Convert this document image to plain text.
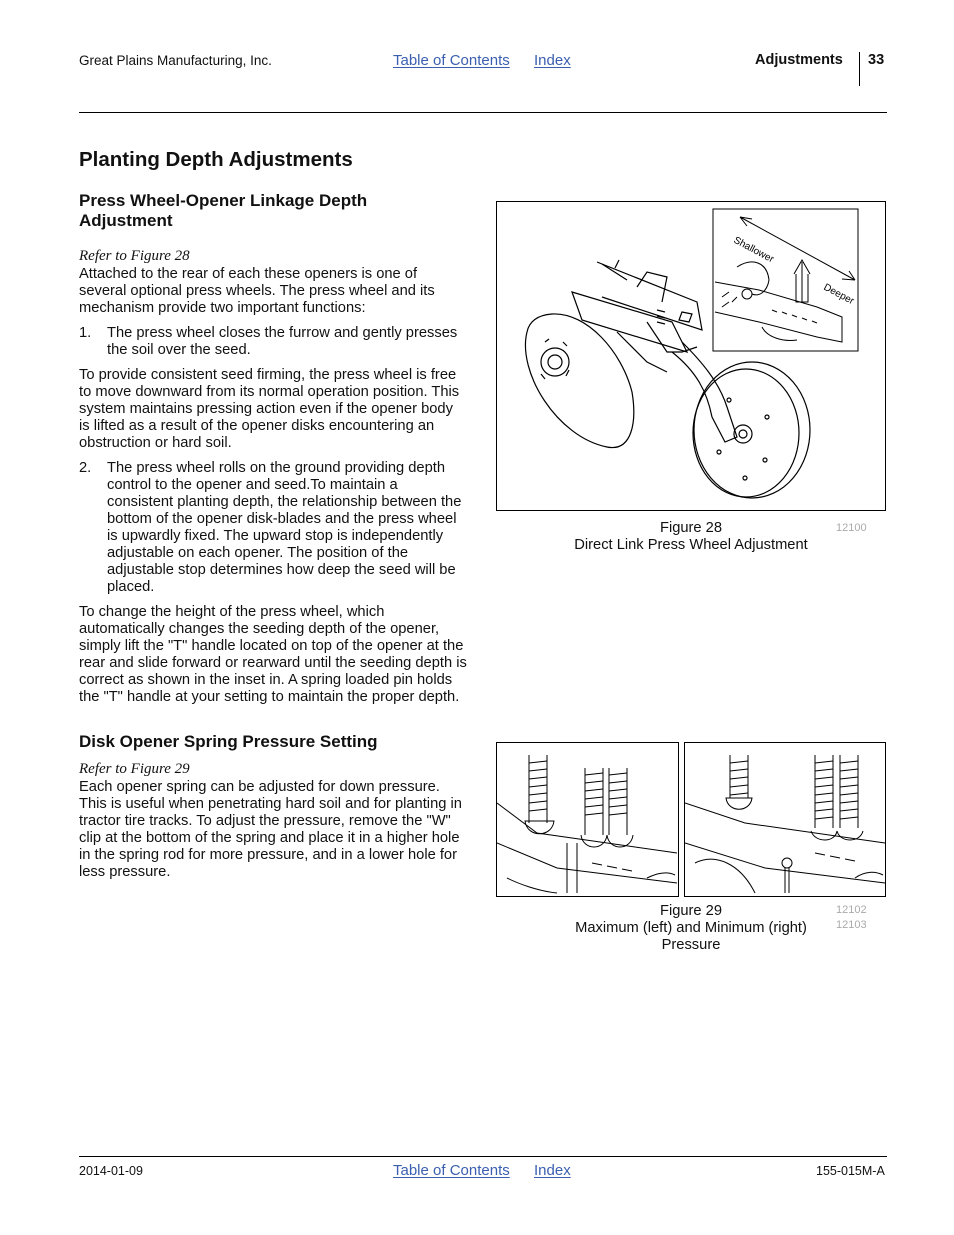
Great Plains Manufacturing, Inc.	Table of Contents Index	Adjustments 33
Planting Depth Adjustments
Press Wheel-Opener Linkage Depth Adjustment
Refer to Figure 28
Attached to the rear of each these openers is one of several optional press wheels. The press wheel and its mechanism provide two important functions:
1.	The press wheel closes the furrow and gently presses the soil over the seed.
To provide consistent seed firming, the press wheel is free to move downward from its normal operation position. This system maintains pressing action even if the opener body is lifted as a result of the opener disks encountering an obstruction or hard soil.
2.	The press wheel rolls on the ground providing depth control to the opener and seed.To maintain a consistent planting depth, the relationship between the bottom of the opener disk-blades and the press wheel is upwardly fixed. The upward stop is independently adjustable on each opener. The position of the adjustable stop determines how deep the seed will be placed.
To change the height of the press wheel, which automatically changes the seeding depth of the opener, simply lift the "T" handle located on top of the opener at the rear and slide forward or rearward until the seeding depth is correct as shown in the inset in. A spring loaded pin holds the "T" handle at your setting to maintain the proper depth.
Disk Opener Spring Pressure Setting
Refer to Figure 29
Each opener spring can be adjusted for down pressure. This is useful when penetrating hard soil and for planting in tractor tire tracks. To adjust the pressure, remove the "W" clip at the bottom of the spring and place it in a higher hole in the spring rod for more pressure, and in a lower hole for less pressure.
Shallower
Deeper
Figure 28
Direct Link Press Wheel Adjustment
12100
Figure 29
Maximum (left) and Minimum (right) Pressure
12102
12103
2014-01-09	Table of Contents Index	155-015M-A
